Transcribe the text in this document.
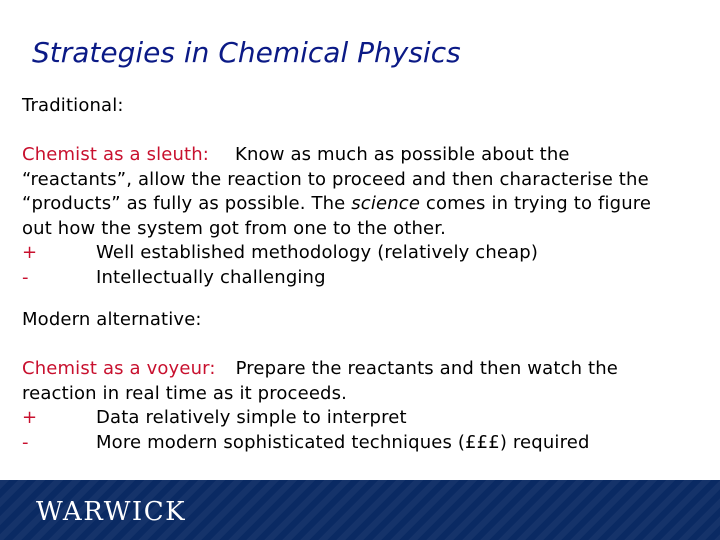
Strategies in Chemical Physics
Traditional:

Chemist as a sleuth: Know as much as possible about the
“reactants”, allow the reaction to proceed and then characterise the
“products” as fully as possible. The science comes in trying to figure
out how the system got from one to the other.
+	Well established methodology (relatively cheap)
-	Intellectually challenging
Modern alternative:

Chemist as a voyeur: Prepare the reactants and then watch the
reaction in real time as it proceeds.
+	Data relatively simple to interpret
-	More modern sophisticated techniques (£££) required
WARWICK
